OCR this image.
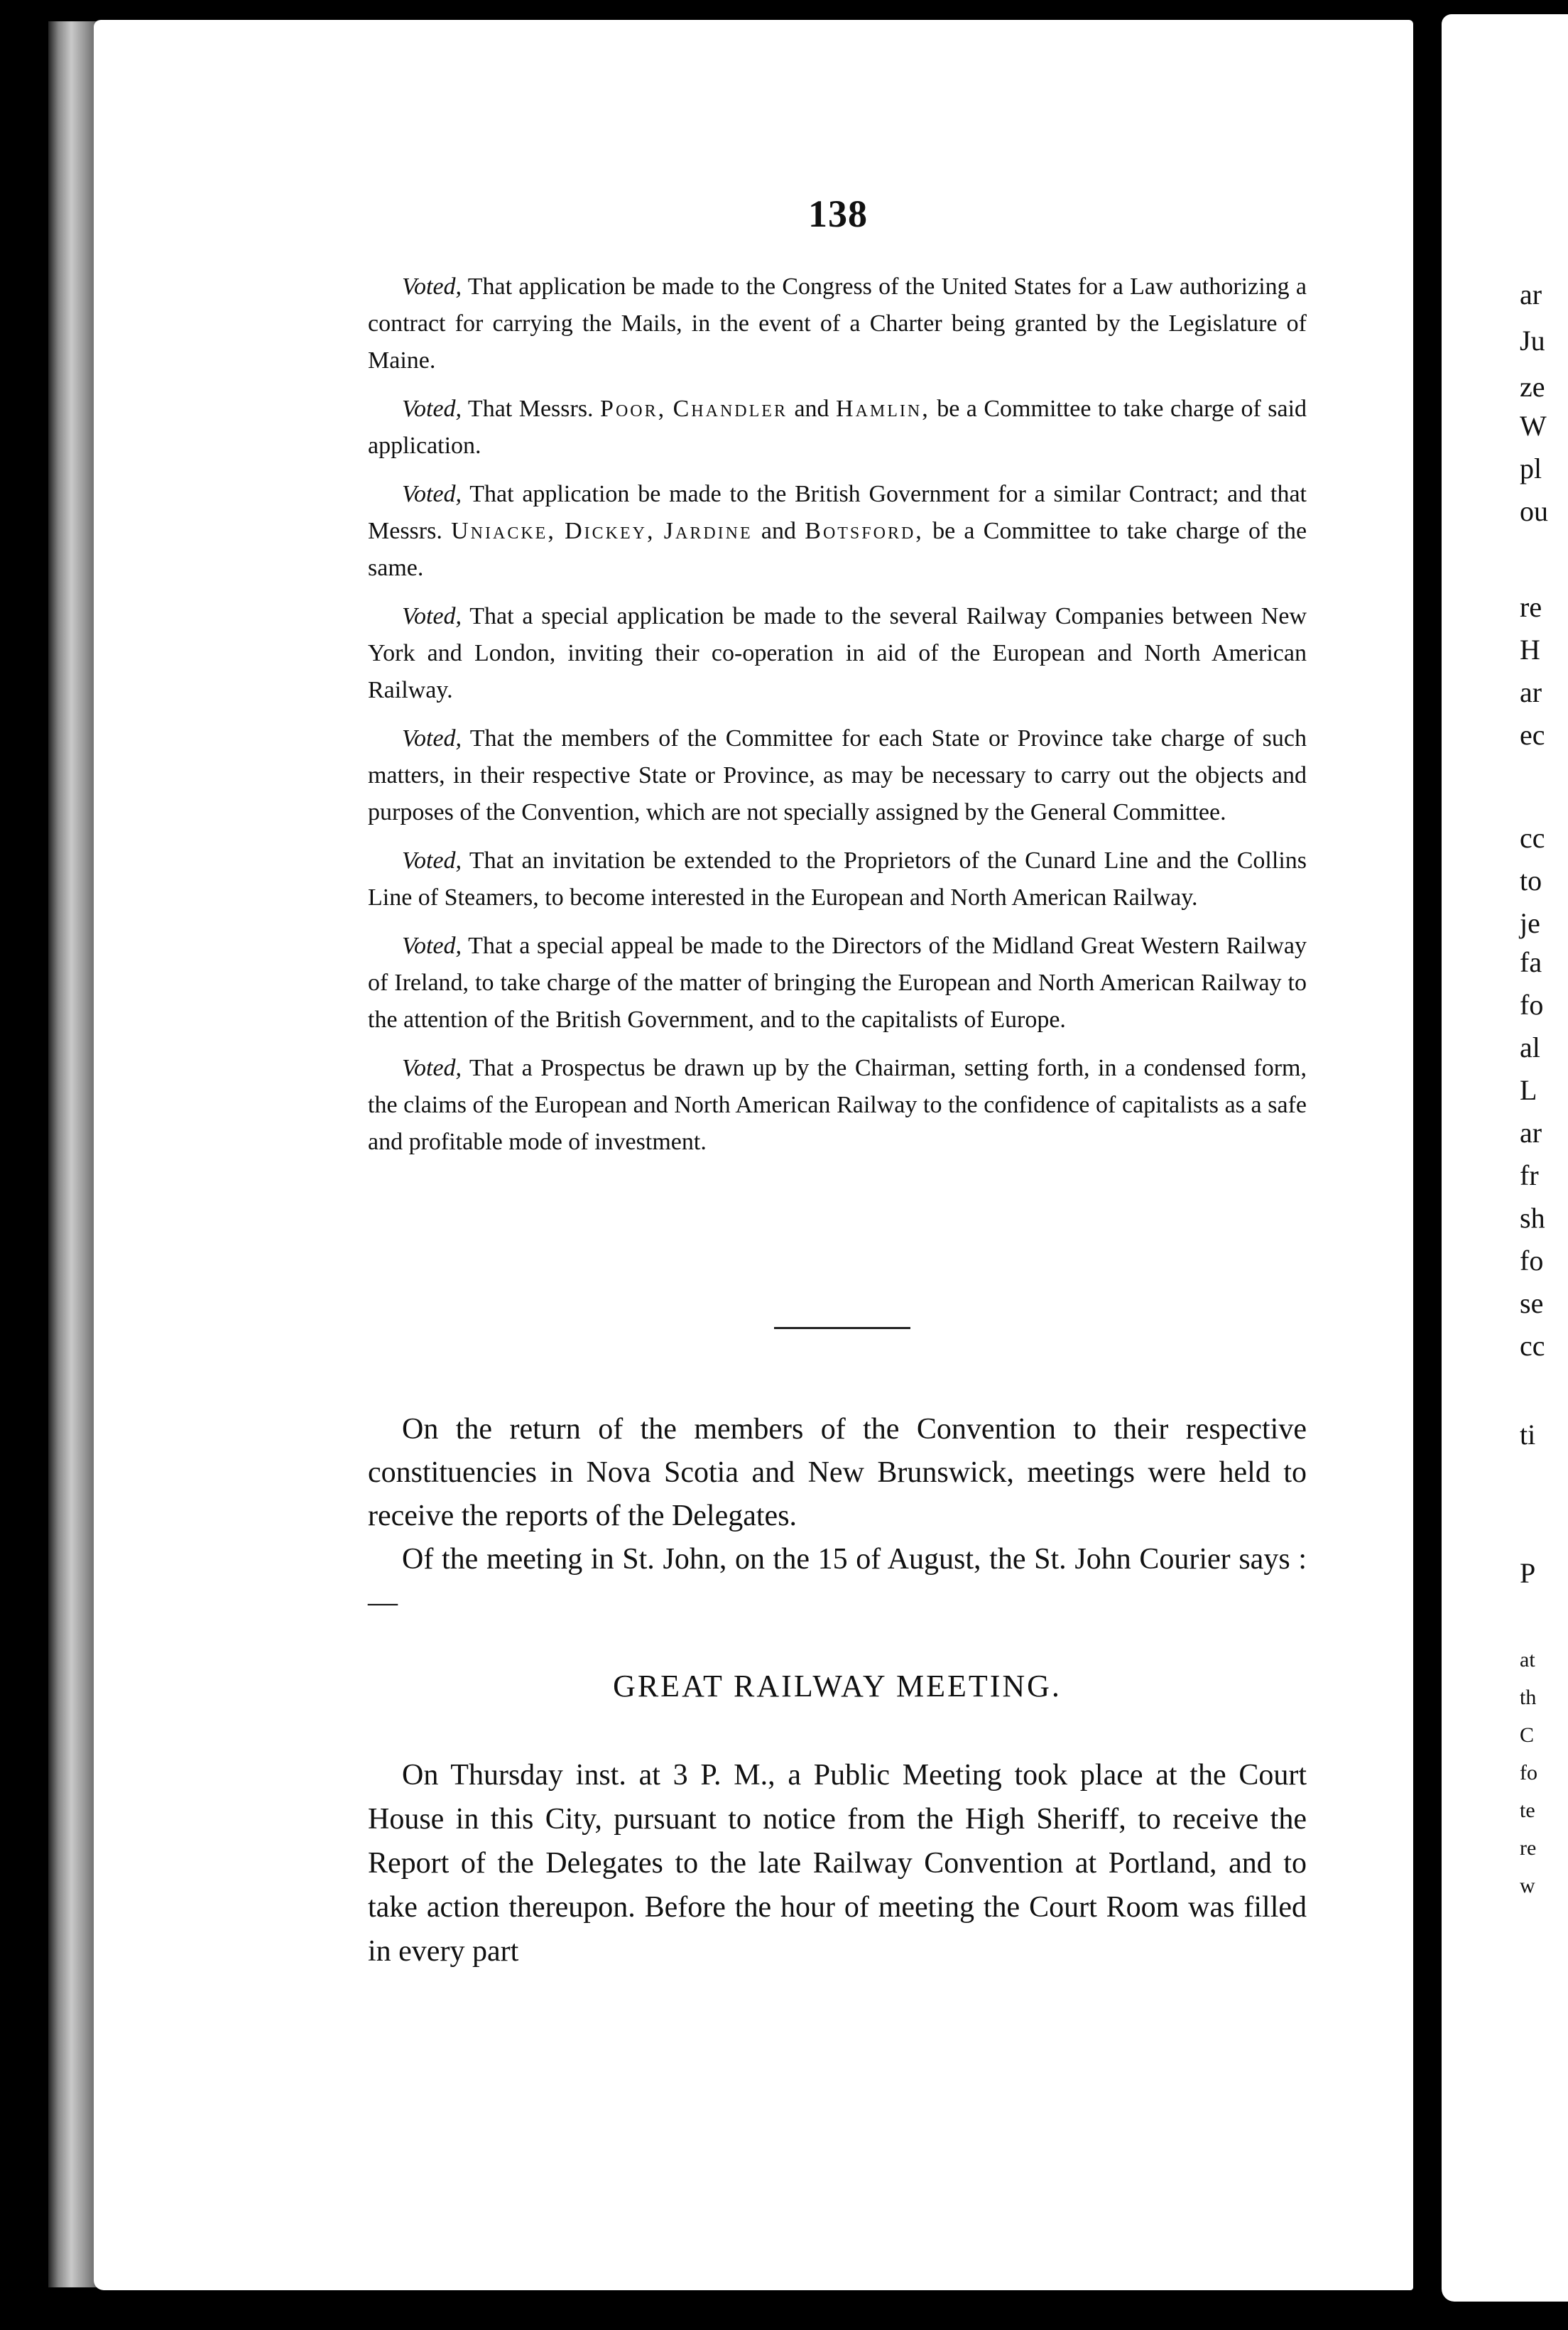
138

Voted, That application be made to the Congress of the United States for a Law authorizing a contract for carrying the Mails, in the event of a Charter being granted by the Legislature of Maine.

Voted, That Messrs. Poor, Chandler and Hamlin, be a Committee to take charge of said application.

Voted, That application be made to the British Government for a similar Contract; and that Messrs. Uniacke, Dickey, Jardine and Botsford, be a Committee to take charge of the same.

Voted, That a special application be made to the several Railway Companies between New York and London, inviting their co-operation in aid of the European and North American Railway.

Voted, That the members of the Committee for each State or Province take charge of such matters, in their respective State or Province, as may be necessary to carry out the objects and purposes of the Convention, which are not specially assigned by the General Committee.

Voted, That an invitation be extended to the Proprietors of the Cunard Line and the Collins Line of Steamers, to become interested in the European and North American Railway.

Voted, That a special appeal be made to the Directors of the Midland Great Western Railway of Ireland, to take charge of the matter of bringing the European and North American Railway to the attention of the British Government, and to the capitalists of Europe.

Voted, That a Prospectus be drawn up by the Chairman, setting forth, in a condensed form, the claims of the European and North American Railway to the confidence of capitalists as a safe and profitable mode of investment.

On the return of the members of the Convention to their respective constituencies in Nova Scotia and New Brunswick, meetings were held to receive the reports of the Delegates.

Of the meeting in St. John, on the 15 of August, the St. John Courier says :—

GREAT RAILWAY MEETING.

On Thursday inst. at 3 P. M., a Public Meeting took place at the Court House in this City, pursuant to notice from the High Sheriff, to receive the Report of the Delegates to the late Railway Convention at Portland, and to take action thereupon. Before the hour of meeting the Court Room was filled in every part

ar
Ju
ze
W
pl
ou
re
H
ar
ec
cc
to
je
fa
fo
al
L
ar
fr
sh
fo
se
cc
ti
P
at
th
C
fo
te
re
w
